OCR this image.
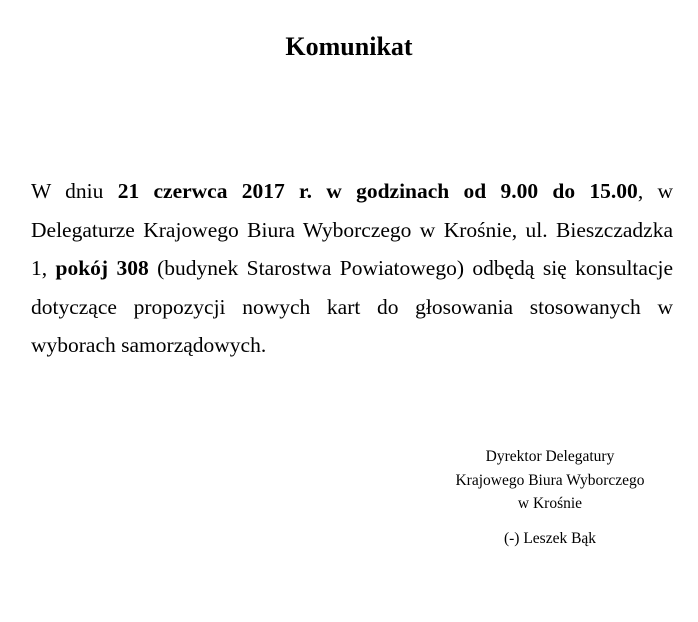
Komunikat

W dniu 21 czerwca 2017 r. w godzinach od 9.00 do 15.00, w Delegaturze Krajowego Biura Wyborczego w Krośnie, ul. Bieszczadzka 1, pokój 308 (budynek Starostwa Powiatowego) odbędą się konsultacje dotyczące propozycji nowych kart do głosowania stosowanych w wyborach samorządowych.

Dyrektor Delegatury
Krajowego Biura Wyborczego
w Krośnie
(-) Leszek Bąk
